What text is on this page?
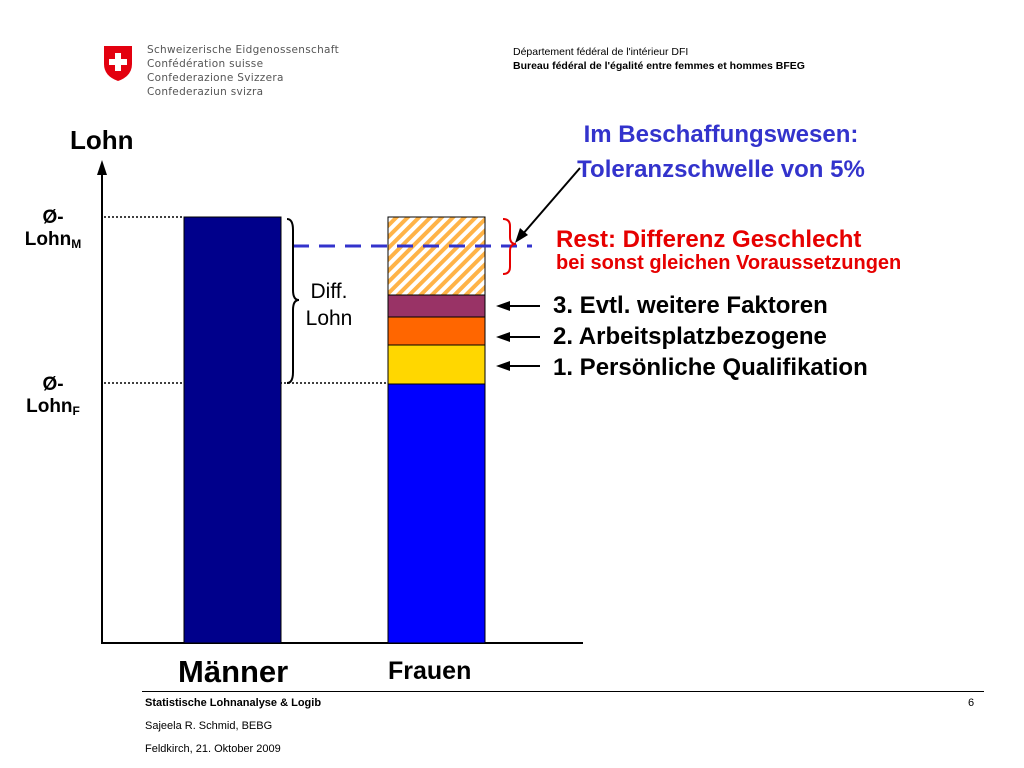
Schweizerische Eidgenossenschaft
Confédération suisse
Confederazione Svizzera
Confederaziun svizra
Département fédéral de l'intérieur DFI
Bureau fédéral de l'égalité entre femmes et hommes BFEG
Lohn
Ø-
Lohn$_M$
Ø-
Lohn$_F$
Diff.
Lohn
Männer	Frauen
Im Beschaffungswesen:
Toleranzschwelle von 5%
Rest: Differenz Geschlecht
bei sonst gleichen Voraussetzungen
3. Evtl. weitere Faktoren
2. Arbeitsplatzbezogene
1. Persönliche Qualifikation
Statistische Lohnanalyse & Logib
Sajeela R. Schmid, BEBG
Feldkirch, 21. Oktober 2009
6
